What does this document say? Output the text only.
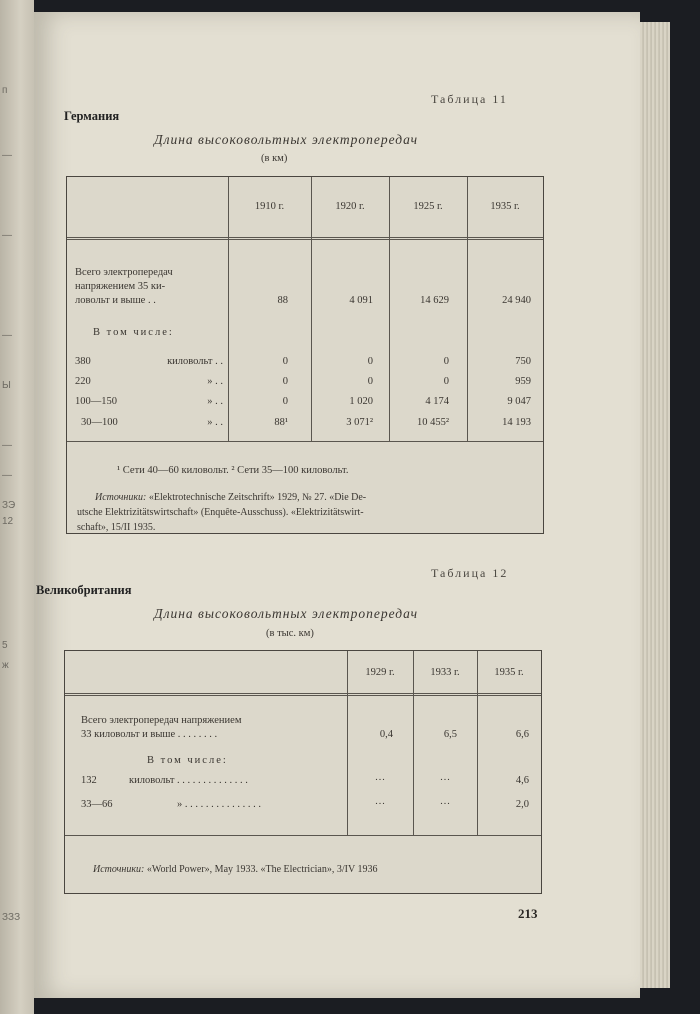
п
—
—
—
Ы
—
—
ЗЭ
12
5
ж
ЗЗЗ
Таблица 11
Германия
Длина высоковольтных электропередач
(в км)
1910 г.	1920 г.	1925 г.	1935 г.
Всего электропередач
напряжением 35 ки-
ловольт и выше . .	88	4 091	14 629	24 940
В том числе:
380	киловольт . .	0	0	0	750
220	» . .	0	0	0	959
100—150	» . .	0	1 020	4 174	9 047
30—100	» . .	88¹	3 071²	10 455²	14 193
¹ Сети 40—60 киловольт. ² Сети 35—100 киловольт.
Источники: «Elektrotechnische Zeitschrift» 1929, № 27. «Die De-
utsche Elektrizitätswirtschaft» (Enquête-Ausschuss). «Elektrizitätswirt-
schaft», 15/II 1935.
Таблица 12
Великобритания
Длина высоковольтных электропередач
(в тыс. км)
1929 г.	1933 г.	1935 г.
Всего электропередач напряжением
33 киловольт и выше . . . . . . . .	0,4	6,5	6,6
В том числе:
132	киловольт . . . . . . . . . . . . . .	···	···	4,6
33—66	» . . . . . . . . . . . . . . .	···	···	2,0
Источники: «World Power», May 1933. «The Electrician», 3/IV 1936
213
